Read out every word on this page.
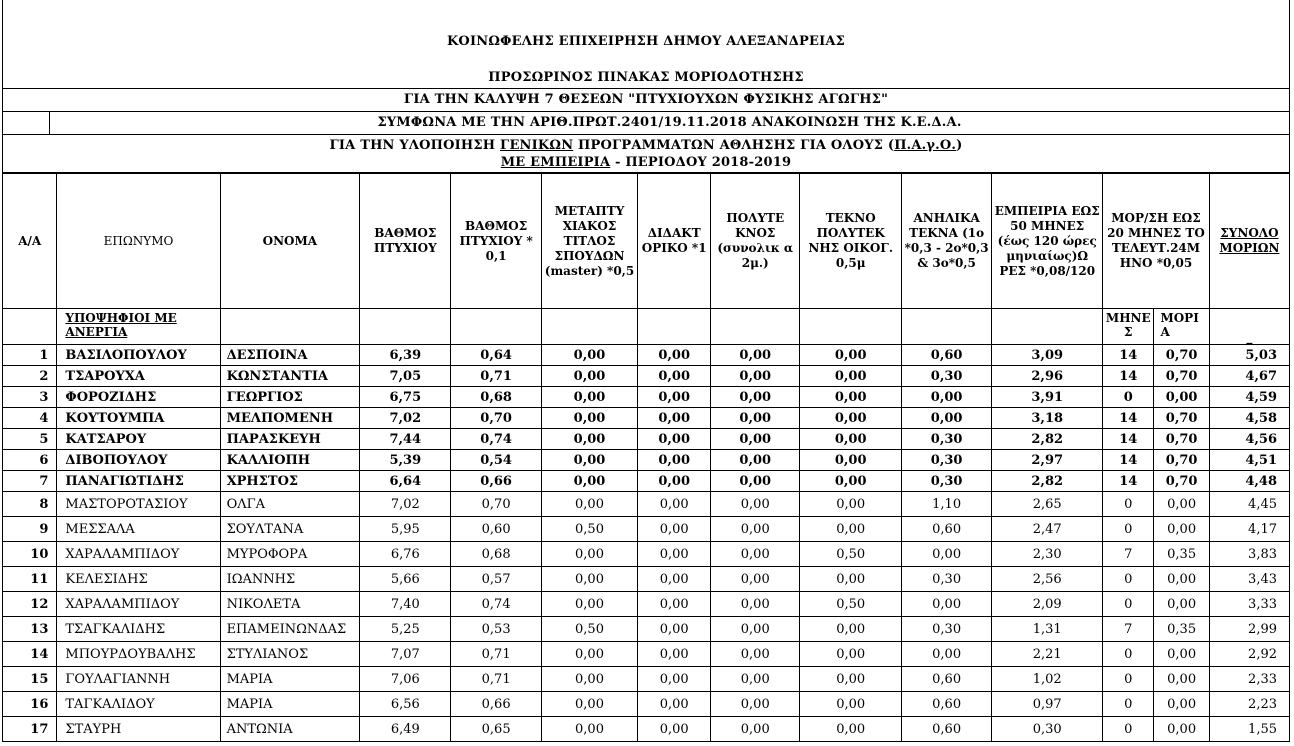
ΚΟΙΝΩΦΕΛΗΣ ΕΠΙΧΕΙΡΗΣΗ ΔΗΜΟΥ ΑΛΕΞΑΝΔΡΕΙΑΣ
ΠΡΟΣΩΡΙΝΟΣ ΠΙΝΑΚΑΣ ΜΟΡΙΟΔΟΤΗΣΗΣ
ΓΙΑ ΤΗΝ ΚΑΛΥΨΗ 7 ΘΕΣΕΩΝ "ΠΤΥΧΙΟΥΧΩΝ ΦΥΣΙΚΗΣ ΑΓΩΓΗΣ"
ΣΥΜΦΩΝΑ ΜΕ ΤΗΝ ΑΡΙΘ.ΠΡΩΤ.2401/19.11.2018 ΑΝΑΚΟΙΝΩΣΗ ΤΗΣ Κ.Ε.Δ.Α.
ΓΙΑ ΤΗΝ ΥΛΟΠΟΙΗΣΗ ΓΕΝΙΚΩΝ ΠΡΟΓΡΑΜΜΑΤΩΝ ΑΘΛΗΣΗΣ ΓΙΑ ΟΛΟΥΣ (Π.Α.γ.Ο.)
ΜΕ ΕΜΠΕΙΡΙΑ - ΠΕΡΙΟΔΟΥ 2018-2019
Α/Α	ΕΠΩΝΥΜΟ	ΟΝΟΜΑ	ΒΑΘΜΟΣ ΠΤΥΧΙΟΥ	ΒΑΘΜΟΣ ΠΤΥΧΙΟΥ * 0,1	ΜΕΤΑΠΤΥ ΧΙΑΚΟΣ ΤΙΤΛΟΣ ΣΠΟΥΔΩΝ (master) *0,5	ΔΙΔΑΚΤ ΟΡΙΚΟ *1	ΠΟΛΥΤΕ ΚΝΟΣ (συνολικ α 2μ.)	ΤΕΚΝΟ ΠΟΛΥΤΕΚ ΝΗΣ ΟΙΚΟΓ. 0,5μ	ΑΝΗΛΙΚΑ ΤΕΚΝΑ (1ο *0,3 - 2ο*0,3 & 3ο*0,5	ΕΜΠΕΙΡΙΑ ΕΩΣ 50 ΜΗΝΕΣ (έως 120 ώρες μηνιαίως)Ω ΡΕΣ *0,08/120	ΜΟΡ/ΣΗ ΕΩΣ 20 ΜΗΝΕΣ ΤΟ ΤΕΛΕΥΤ.24Μ ΗΝΟ *0,05		ΣΥΝΟΛΟ ΜΟΡΙΩΝ
	ΥΠΟΨΗΦΙΟΙ ΜΕ ΑΝΕΡΓΙΑ										ΜΗΝΕ Σ	ΜΟΡΙ Α	_
1	ΒΑΣΙΛΟΠΟΥΛΟΥ	ΔΕΣΠΟΙΝΑ	6,39	0,64	0,00	0,00	0,00	0,00	0,60	3,09	14	0,70	5,03
2	ΤΣΑΡΟΥΧΑ	ΚΩΝΣΤΑΝΤΙΑ	7,05	0,71	0,00	0,00	0,00	0,00	0,30	2,96	14	0,70	4,67
3	ΦΟΡΟΖΙΔΗΣ	ΓΕΩΡΓΙΟΣ	6,75	0,68	0,00	0,00	0,00	0,00	0,00	3,91	0	0,00	4,59
4	ΚΟΥΤΟΥΜΠΑ	ΜΕΛΠΟΜΕΝΗ	7,02	0,70	0,00	0,00	0,00	0,00	0,00	3,18	14	0,70	4,58
5	ΚΑΤΣΑΡΟΥ	ΠΑΡΑΣΚΕΥΗ	7,44	0,74	0,00	0,00	0,00	0,00	0,30	2,82	14	0,70	4,56
6	ΔΙΒΟΠΟΥΛΟΥ	ΚΑΛΛΙΟΠΗ	5,39	0,54	0,00	0,00	0,00	0,00	0,30	2,97	14	0,70	4,51
7	ΠΑΝΑΓΙΩΤΙΔΗΣ	ΧΡΗΣΤΟΣ	6,64	0,66	0,00	0,00	0,00	0,00	0,30	2,82	14	0,70	4,48
8	ΜΑΣΤΟΡΟΤΑΣΙΟΥ	ΟΛΓΑ	7,02	0,70	0,00	0,00	0,00	0,00	1,10	2,65	0	0,00	4,45
9	ΜΕΣΣΑΛΑ	ΣΟΥΛΤΑΝΑ	5,95	0,60	0,50	0,00	0,00	0,00	0,60	2,47	0	0,00	4,17
10	ΧΑΡΑΛΑΜΠΙΔΟΥ	ΜΥΡΟΦΟΡΑ	6,76	0,68	0,00	0,00	0,00	0,50	0,00	2,30	7	0,35	3,83
11	ΚΕΛΕΣΙΔΗΣ	ΙΩΑΝΝΗΣ	5,66	0,57	0,00	0,00	0,00	0,00	0,30	2,56	0	0,00	3,43
12	ΧΑΡΑΛΑΜΠΙΔΟΥ	ΝΙΚΟΛΕΤΑ	7,40	0,74	0,00	0,00	0,00	0,50	0,00	2,09	0	0,00	3,33
13	ΤΣΑΓΚΑΛΙΔΗΣ	ΕΠΑΜΕΙΝΩΝΔΑΣ	5,25	0,53	0,50	0,00	0,00	0,00	0,30	1,31	7	0,35	2,99
14	ΜΠΟΥΡΔΟΥΒΑΛΗΣ	ΣΤΥΛΙΑΝΟΣ	7,07	0,71	0,00	0,00	0,00	0,00	0,00	2,21	0	0,00	2,92
15	ΓΟΥΛΑΓΙΑΝΝΗ	ΜΑΡΙΑ	7,06	0,71	0,00	0,00	0,00	0,00	0,60	1,02	0	0,00	2,33
16	ΤΑΓΚΑΛΙΔΟΥ	ΜΑΡΙΑ	6,56	0,66	0,00	0,00	0,00	0,00	0,60	0,97	0	0,00	2,23
17	ΣΤΑΥΡΗ	ΑΝΤΩΝΙΑ	6,49	0,65	0,00	0,00	0,00	0,00	0,60	0,30	0	0,00	1,55
